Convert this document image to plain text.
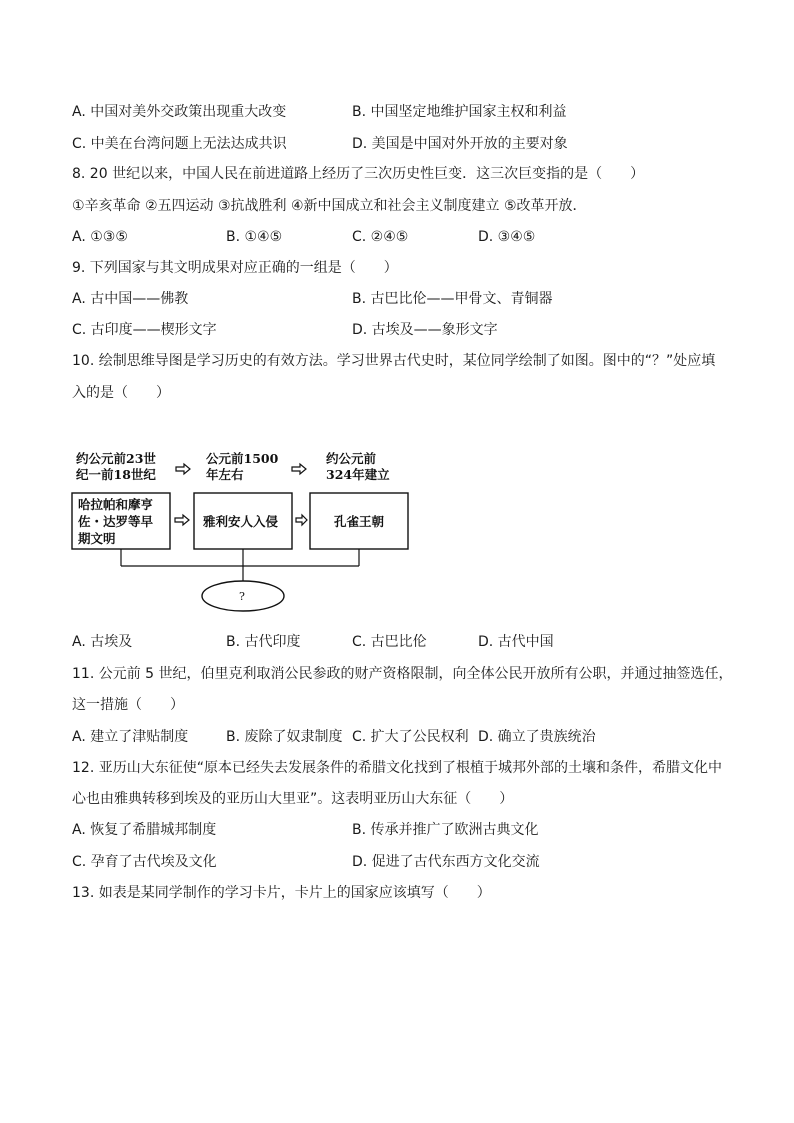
A. 中国对美外交政策出现重大改变	B. 中国坚定地维护国家主权和利益
C. 中美在台湾问题上无法达成共识	D. 美国是中国对外开放的主要对象
8. 20 世纪以来，中国人民在前进道路上经历了三次历史性巨变．这三次巨变指的是（　　）
①辛亥革命 ②五四运动 ③抗战胜利 ④新中国成立和社会主义制度建立 ⑤改革开放．
A. ①③⑤	B. ①④⑤	C. ②④⑤	D. ③④⑤
9. 下列国家与其文明成果对应正确的一组是（　　）
A. 古中国——佛教	B. 古巴比伦——甲骨文、青铜器
C. 古印度——楔形文字	D. 古埃及——象形文字
10. 绘制思维导图是学习历史的有效方法。学习世界古代史时，某位同学绘制了如图。图中的“？”处应填
入的是（　　）
约公元前23世
纪一前18世纪
公元前1500
年左右
约公元前
324年建立
哈拉帕和摩亨
佐・达罗等早
期文明
雅利安人入侵	孔雀王朝
?
A. 古埃及	B. 古代印度	C. 古巴比伦	D. 古代中国
11. 公元前 5 世纪，伯里克利取消公民参政的财产资格限制，向全体公民开放所有公职，并通过抽签选任，
这一措施（　　）
A. 建立了津贴制度	B. 废除了奴隶制度 C. 扩大了公民权利 D. 确立了贵族统治
12. 亚历山大东征使“原本已经失去发展条件的希腊文化找到了根植于城邦外部的土壤和条件，希腊文化中
心也由雅典转移到埃及的亚历山大里亚”。这表明亚历山大东征（　　）
A. 恢复了希腊城邦制度	B. 传承并推广了欧洲古典文化
C. 孕育了古代埃及文化	D. 促进了古代东西方文化交流
13. 如表是某同学制作的学习卡片，卡片上的国家应该填写（　　）
